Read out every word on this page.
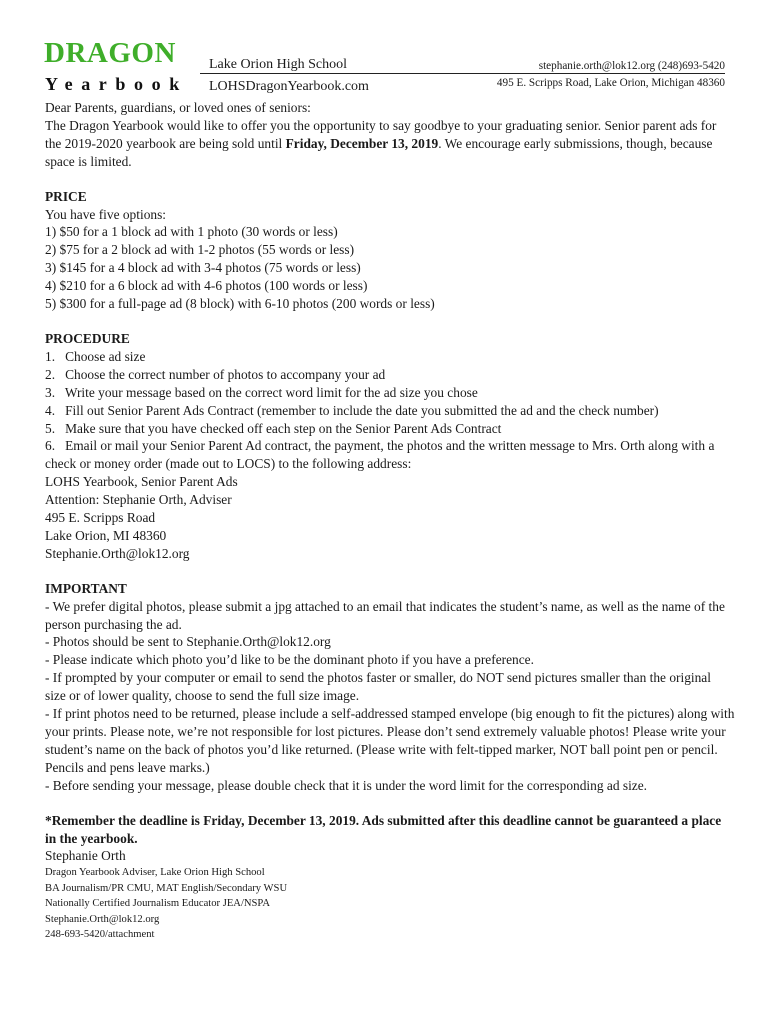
DRAGON
Yearbook
Lake Orion High School
LOHSDragonYearbook.com
stephanie.orth@lok12.org (248)693-5420
495 E. Scripps Road, Lake Orion, Michigan 48360

Dear Parents, guardians, or loved ones of seniors:

The Dragon Yearbook would like to offer you the opportunity to say goodbye to your graduating senior. Senior parent ads for the 2019-2020 yearbook are being sold until Friday, December 13, 2019. We encourage early submissions, though, because space is limited.

PRICE

You have five options:

1) $50 for a 1 block ad with 1 photo (30 words or less)

2) $75 for a 2 block ad with 1-2 photos (55 words or less)

3) $145 for a 4 block ad with 3-4 photos (75 words or less)

4) $210 for a 6 block ad with 4-6 photos (100 words or less)

5) $300 for a full-page ad (8 block) with 6-10 photos (200 words or less)

PROCEDURE

1.   Choose ad size

2.   Choose the correct number of photos to accompany your ad

3.   Write your message based on the correct word limit for the ad size you chose

4.   Fill out Senior Parent Ads Contract (remember to include the date you submitted the ad and the check number)

5.   Make sure that you have checked off each step on the Senior Parent Ads Contract

6.   Email or mail your Senior Parent Ad contract, the payment, the photos and the written message to Mrs. Orth along with a check or money order (made out to LOCS) to the following address:

LOHS Yearbook, Senior Parent Ads

Attention: Stephanie Orth, Adviser

495 E. Scripps Road

Lake Orion, MI 48360

Stephanie.Orth@lok12.org

IMPORTANT

- We prefer digital photos, please submit a jpg attached to an email that indicates the student’s name, as well as the name of the person purchasing the ad.

- Photos should be sent to Stephanie.Orth@lok12.org

- Please indicate which photo you’d like to be the dominant photo if you have a preference.

- If prompted by your computer or email to send the photos faster or smaller, do NOT send pictures smaller than the original size or of lower quality, choose to send the full size image.

- If print photos need to be returned, please include a self-addressed stamped envelope (big enough to fit the pictures) along with your prints. Please note, we’re not responsible for lost pictures. Please don’t send extremely valuable photos! Please write your student’s name on the back of photos you’d like returned. (Please write with felt-tipped marker, NOT ball point pen or pencil. Pencils and pens leave marks.)

- Before sending your message, please double check that it is under the word limit for the corresponding ad size.

*Remember the deadline is Friday, December 13, 2019. Ads submitted after this deadline cannot be guaranteed a place in the yearbook.

Stephanie Orth

Dragon Yearbook Adviser, Lake Orion High School

BA Journalism/PR CMU, MAT English/Secondary WSU

Nationally Certified Journalism Educator JEA/NSPA

Stephanie.Orth@lok12.org

248-693-5420/attachment
